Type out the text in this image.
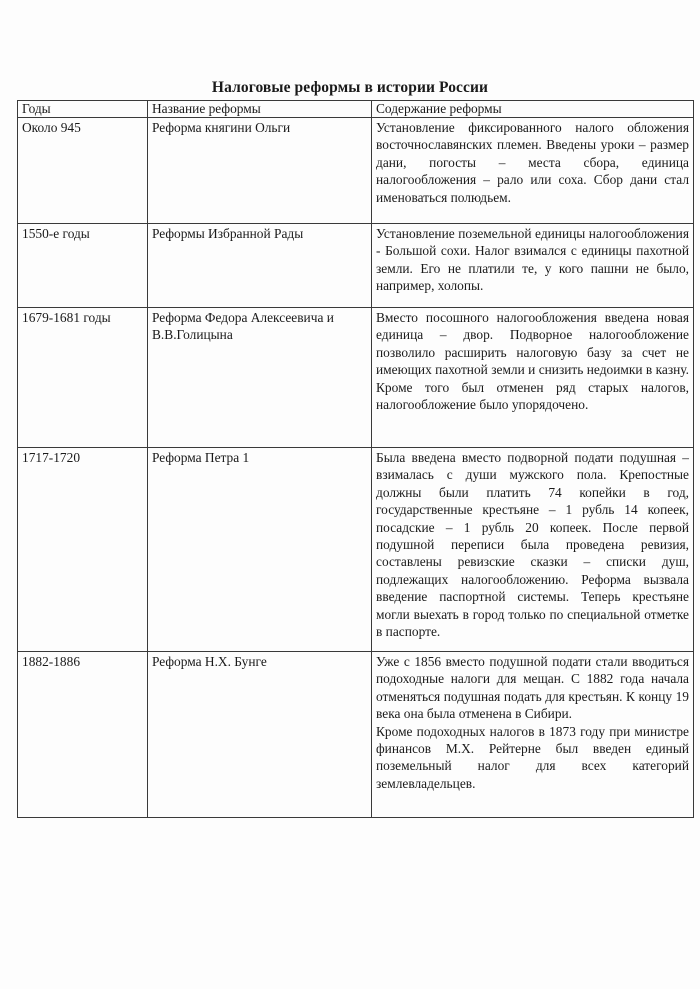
Налоговые реформы в истории России
Годы	Название реформы	Содержание реформы
Около 945	Реформа княгини Ольги	Установление фиксированного налого обложения восточнославянских племен. Введены уроки – размер дани, погосты – места сбора, единица налогообложения – рало или соха. Сбор дани стал именоваться полюдьем.

1550-е годы	Реформы Избранной Рады	Установление поземельной единицы налогообложения - Большой сохи. Налог взимался с единицы пахотной земли. Его не платили те, у кого пашни не было, например, холопы.

1679-1681 годы	Реформа Федора Алексеевича и В.В.Голицына	Вместо посошного налогообложения введена новая единица – двор. Подворное налогообложение позволило расширить налоговую базу за счет не имеющих пахотной земли и снизить недоимки в казну. Кроме того был отменен ряд старых налогов, налогообложение было упорядочено.

1717-1720	Реформа Петра 1	Была введена вместо подворной подати подушная – взималась с души мужского пола. Крепостные должны были платить 74 копейки в год, государственные крестьяне – 1 рубль 14 копеек, посадские – 1 рубль 20 копеек. После первой подушной переписи была проведена ревизия, составлены ревизские сказки – списки душ, подлежащих налогообложению. Реформа вызвала введение паспортной системы. Теперь крестьяне могли выехать в город только по специальной отметке в паспорте.

1882-1886	Реформа Н.Х. Бунге	Уже с 1856 вместо подушной подати стали вводиться подоходные налоги для мещан. С 1882 года начала отменяться подушная подать для крестьян. К концу 19 века она была отменена в Сибири.
Кроме подоходных налогов в 1873 году при министре финансов М.Х. Рейтерне был введен единый поземельный налог для всех категорий землевладельцев.
